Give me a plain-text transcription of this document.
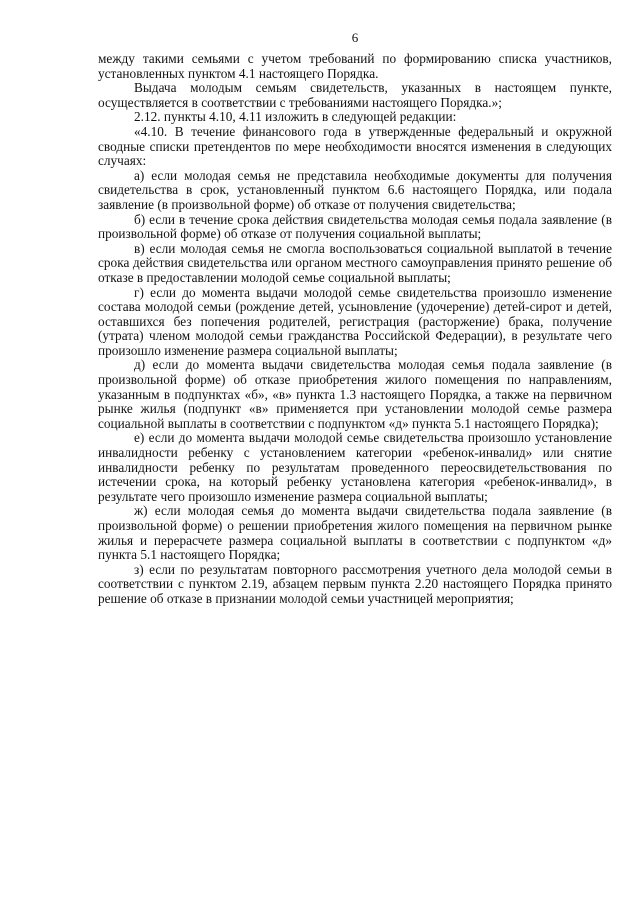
6

между такими семьями с учетом требований по формированию списка участников, установленных пунктом 4.1 настоящего Порядка.

Выдача молодым семьям свидетельств, указанных в настоящем пункте, осуществляется в соответствии с требованиями настоящего Порядка.»;

2.12. пункты 4.10, 4.11 изложить в следующей редакции:

«4.10. В течение финансового года в утвержденные федеральный и окружной сводные списки претендентов по мере необходимости вносятся изменения в следующих случаях:

а) если молодая семья не представила необходимые документы для получения свидетельства в срок, установленный пунктом 6.6 настоящего Порядка, или подала заявление (в произвольной форме) об отказе от получения свидетельства;

б) если в течение срока действия свидетельства молодая семья подала заявление (в произвольной форме) об отказе от получения социальной выплаты;

в) если молодая семья не смогла воспользоваться социальной выплатой в течение срока действия свидетельства или органом местного самоуправления принято решение об отказе в предоставлении молодой семье социальной выплаты;

г) если до момента выдачи молодой семье свидетельства произошло изменение состава молодой семьи (рождение детей, усыновление (удочерение) детей-сирот и детей, оставшихся без попечения родителей, регистрация (расторжение) брака, получение (утрата) членом молодой семьи гражданства Российской Федерации), в результате чего произошло изменение размера социальной выплаты;

д) если до момента выдачи свидетельства молодая семья подала заявление (в произвольной форме) об отказе приобретения жилого помещения по направлениям, указанным в подпунктах «б», «в» пункта 1.3 настоящего Порядка, а также на первичном рынке жилья (подпункт «в» применяется при установлении молодой семье размера социальной выплаты в соответствии с подпунктом «д» пункта 5.1 настоящего Порядка);

е) если до момента выдачи молодой семье свидетельства произошло установление инвалидности ребенку с установлением категории «ребенок-инвалид» или снятие инвалидности ребенку по результатам проведенного переосвидетельствования по истечении срока, на который ребенку установлена категория «ребенок-инвалид», в результате чего произошло изменение размера социальной выплаты;

ж) если молодая семья до момента выдачи свидетельства подала заявление (в произвольной форме) о решении приобретения жилого помещения на первичном рынке жилья и перерасчете размера социальной выплаты в соответствии с подпунктом «д» пункта 5.1 настоящего Порядка;

з) если по результатам повторного рассмотрения учетного дела молодой семьи в соответствии с пунктом 2.19, абзацем первым пункта 2.20 настоящего Порядка принято решение об отказе в признании молодой семьи участницей мероприятия;
